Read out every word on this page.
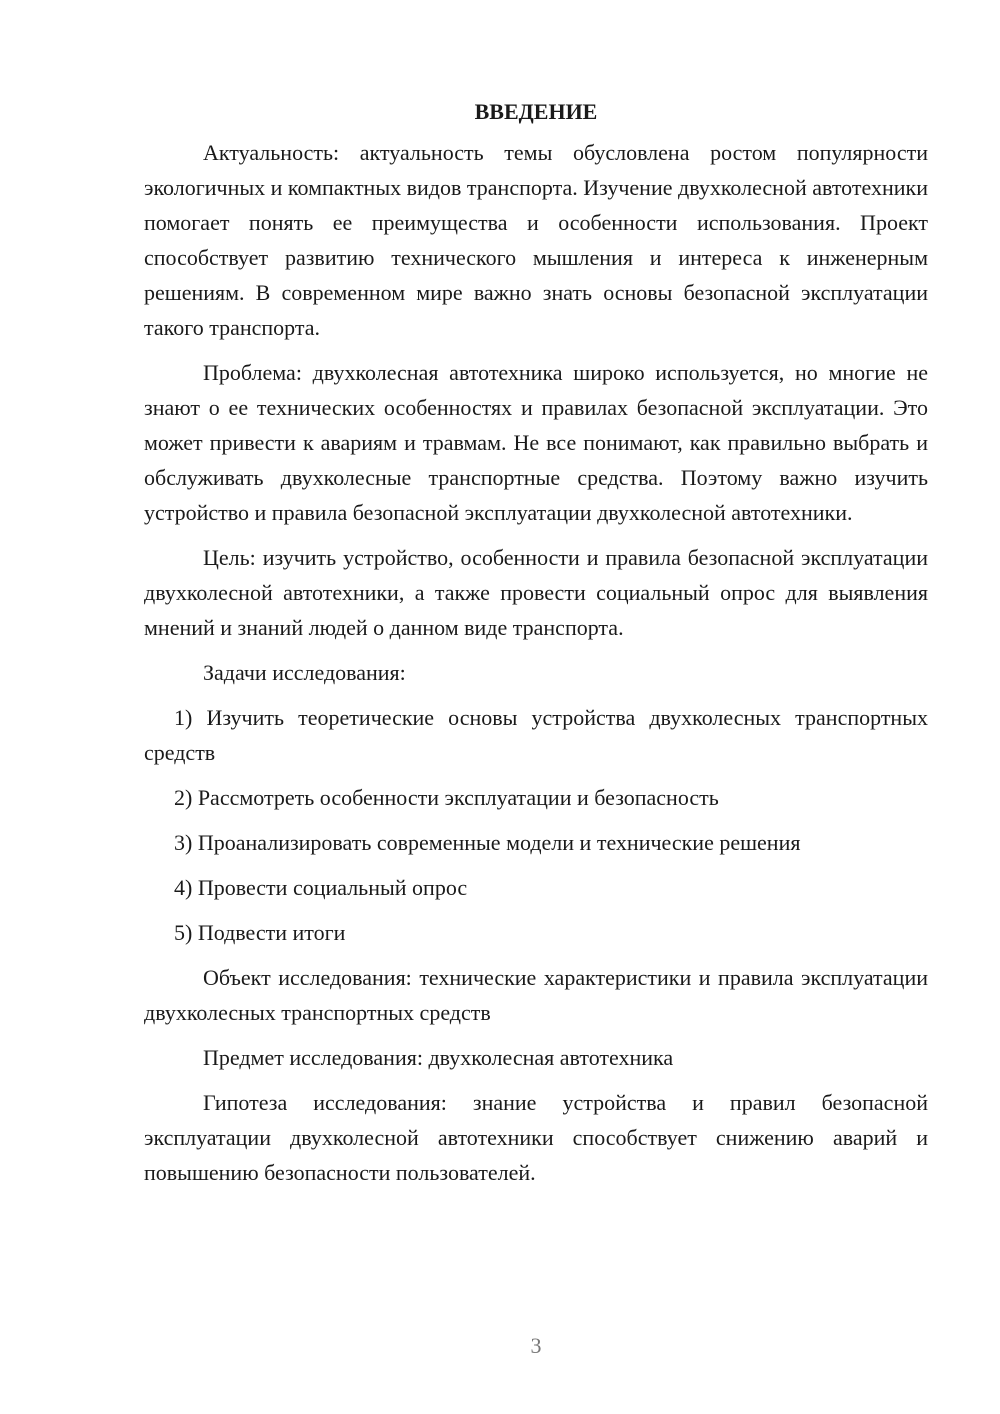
ВВЕДЕНИЕ

Актуальность: актуальность темы обусловлена ростом популярности экологичных и компактных видов транспорта. Изучение двухколесной автотехники помогает понять ее преимущества и особенности использования. Проект способствует развитию технического мышления и интереса к инженерным решениям. В современном мире важно знать основы безопасной эксплуатации такого транспорта.

Проблема: двухколесная автотехника широко используется, но многие не знают о ее технических особенностях и правилах безопасной эксплуатации. Это может привести к авариям и травмам. Не все понимают, как правильно выбрать и обслуживать двухколесные транспортные средства. Поэтому важно изучить устройство и правила безопасной эксплуатации двухколесной автотехники.

Цель: изучить устройство, особенности и правила безопасной эксплуатации двухколесной автотехники, а также провести социальный опрос для выявления мнений и знаний людей о данном виде транспорта.

Задачи исследования:

1) Изучить теоретические основы устройства двухколесных транспортных средств

2) Рассмотреть особенности эксплуатации и безопасность

3) Проанализировать современные модели и технические решения

4) Провести социальный опрос

5) Подвести итоги

Объект исследования: технические характеристики и правила эксплуатации двухколесных транспортных средств

Предмет исследования: двухколесная автотехника

Гипотеза исследования: знание устройства и правил безопасной эксплуатации двухколесной автотехники способствует снижению аварий и повышению безопасности пользователей.

3
